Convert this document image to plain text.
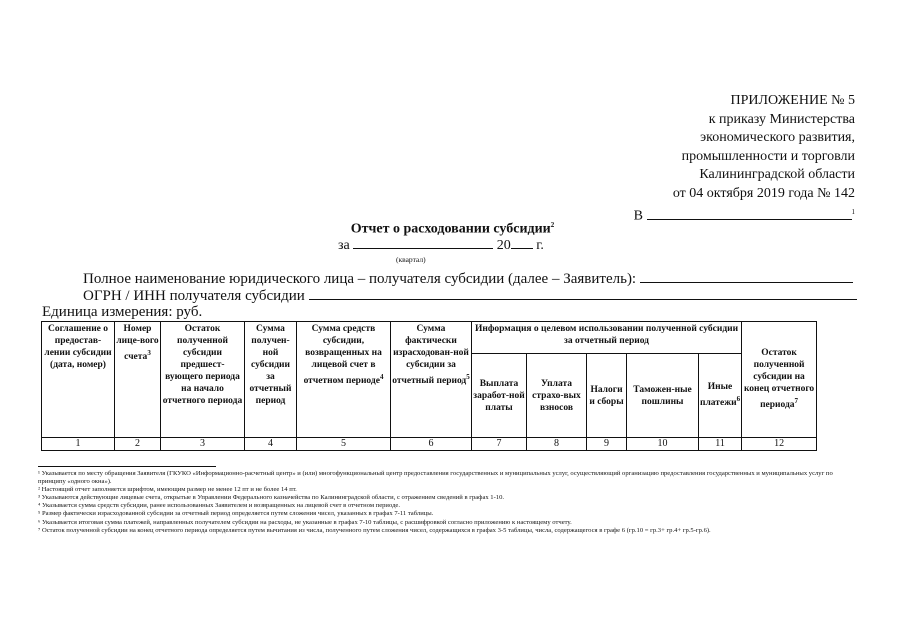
ПРИЛОЖЕНИЕ № 5
к приказу Министерства
экономического развития,
промышленности и торговли
Калининградской области
от 04 октября 2019 года № 142
В	$^1$
Отчет о расходовании субсидии$^2$
за	20 г.
(квартал)
Полное наименование юридического лица – получателя субсидии (далее – Заявитель):
ОГРН / ИНН получателя субсидии
Единица измерения: руб.
Соглашение о предостав-лении субсидии (дата, номер)	Номер лице-вого счета$^3$	Остаток полученной субсидии предшест-вующего периода на начало отчетного периода	Сумма получен-ной субсидии за отчетный период	Сумма средств субсидии, возвращенных на лицевой счет в отчетном периоде$^4$	Сумма фактически израсходован-ной субсидии за отчетный период$^5$	Информация о целевом использовании полученной субсидии за отчетный период					Остаток полученной субсидии на конец отчетного периода$^7$
						Выплата заработ-ной платы	Уплата страхо-вых взносов	Налоги и сборы	Таможен-ные пошлины	Иные платежи$^6$
1	2	3	4	5	6	7	8	9	10	11	12
¹ Указывается по месту обращения Заявителя (ГКУКО «Информационно-расчетный центр» и (или) многофункциональный центр предоставления государственных и муниципальных услуг, осуществляющий организацию предоставления государственных и муниципальных услуг по принципу «одного окна»).
² Настоящий отчет заполняется шрифтом, имеющим размер не менее 12 пт и не более 14 пт.
³ Указываются действующие лицевые счета, открытые в Управлении Федерального казначейства по Калининградской области, с отражением сведений в графах 1-10.
⁴ Указывается сумма средств субсидии, ранее использованных Заявителем и возвращенных на лицевой счет в отчетном периоде.
⁵ Размер фактически израсходованной субсидии за отчетный период определяется путем сложения чисел, указанных в графах 7-11 таблицы.
⁶ Указывается итоговая сумма платежей, направленных получателем субсидии на расходы, не указанные в графах 7-10 таблицы, с расшифровкой согласно приложению к настоящему отчету.
⁷ Остаток полученной субсидии на конец отчетного периода определяется путем вычитания из числа, полученного путем сложения чисел, содержащихся в графах 3-5 таблицы, числа, содержащегося в графе 6 (гр.10 = гр.3+ гр.4+ гр.5-гр.6).
